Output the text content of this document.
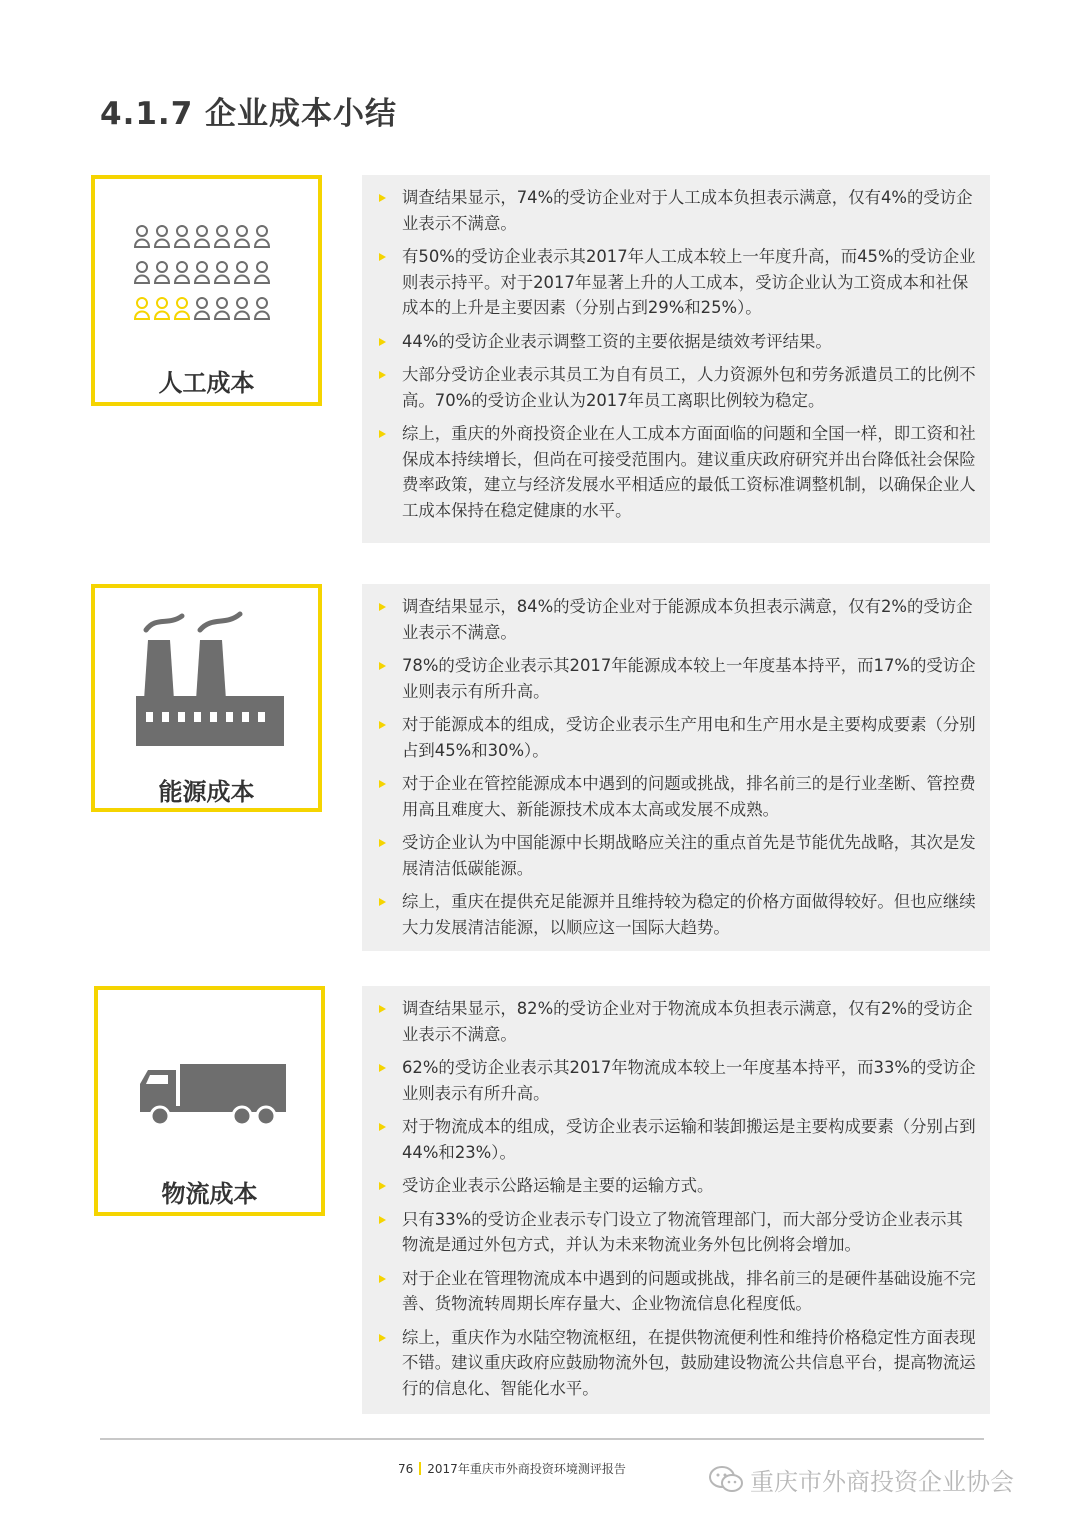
4.1.7 企业成本小结
人工成本
调查结果显示，74%的受访企业对于人工成本负担表示满意，仅有4%的受访企业表示不满意。
有50%的受访企业表示其2017年人工成本较上一年度升高，而45%的受访企业则表示持平。对于2017年显著上升的人工成本，受访企业认为工资成本和社保成本的上升是主要因素（分别占到29%和25%）。
44%的受访企业表示调整工资的主要依据是绩效考评结果。
大部分受访企业表示其员工为自有员工，人力资源外包和劳务派遣员工的比例不高。70%的受访企业认为2017年员工离职比例较为稳定。
综上，重庆的外商投资企业在人工成本方面面临的问题和全国一样，即工资和社保成本持续增长，但尚在可接受范围内。建议重庆政府研究并出台降低社会保险费率政策，建立与经济发展水平相适应的最低工资标准调整机制，以确保企业人工成本保持在稳定健康的水平。
能源成本
调查结果显示，84%的受访企业对于能源成本负担表示满意，仅有2%的受访企业表示不满意。
78%的受访企业表示其2017年能源成本较上一年度基本持平，而17%的受访企业则表示有所升高。
对于能源成本的组成，受访企业表示生产用电和生产用水是主要构成要素（分别占到45%和30%）。
对于企业在管控能源成本中遇到的问题或挑战，排名前三的是行业垄断、管控费用高且难度大、新能源技术成本太高或发展不成熟。
受访企业认为中国能源中长期战略应关注的重点首先是节能优先战略，其次是发展清洁低碳能源。
综上，重庆在提供充足能源并且维持较为稳定的价格方面做得较好。但也应继续大力发展清洁能源，以顺应这一国际大趋势。
物流成本
调查结果显示，82%的受访企业对于物流成本负担表示满意，仅有2%的受访企业表示不满意。
62%的受访企业表示其2017年物流成本较上一年度基本持平，而33%的受访企业则表示有所升高。
对于物流成本的组成，受访企业表示运输和装卸搬运是主要构成要素（分别占到44%和23%）。
受访企业表示公路运输是主要的运输方式。
只有33%的受访企业表示专门设立了物流管理部门，而大部分受访企业表示其物流是通过外包方式，并认为未来物流业务外包比例将会增加。
对于企业在管理物流成本中遇到的问题或挑战，排名前三的是硬件基础设施不完善、货物流转周期长库存量大、企业物流信息化程度低。
综上，重庆作为水陆空物流枢纽，在提供物流便利性和维持价格稳定性方面表现不错。建议重庆政府应鼓励物流外包，鼓励建设物流公共信息平台，提高物流运行的信息化、智能化水平。
76 2017年重庆市外商投资环境测评报告	重庆市外商投资企业协会
